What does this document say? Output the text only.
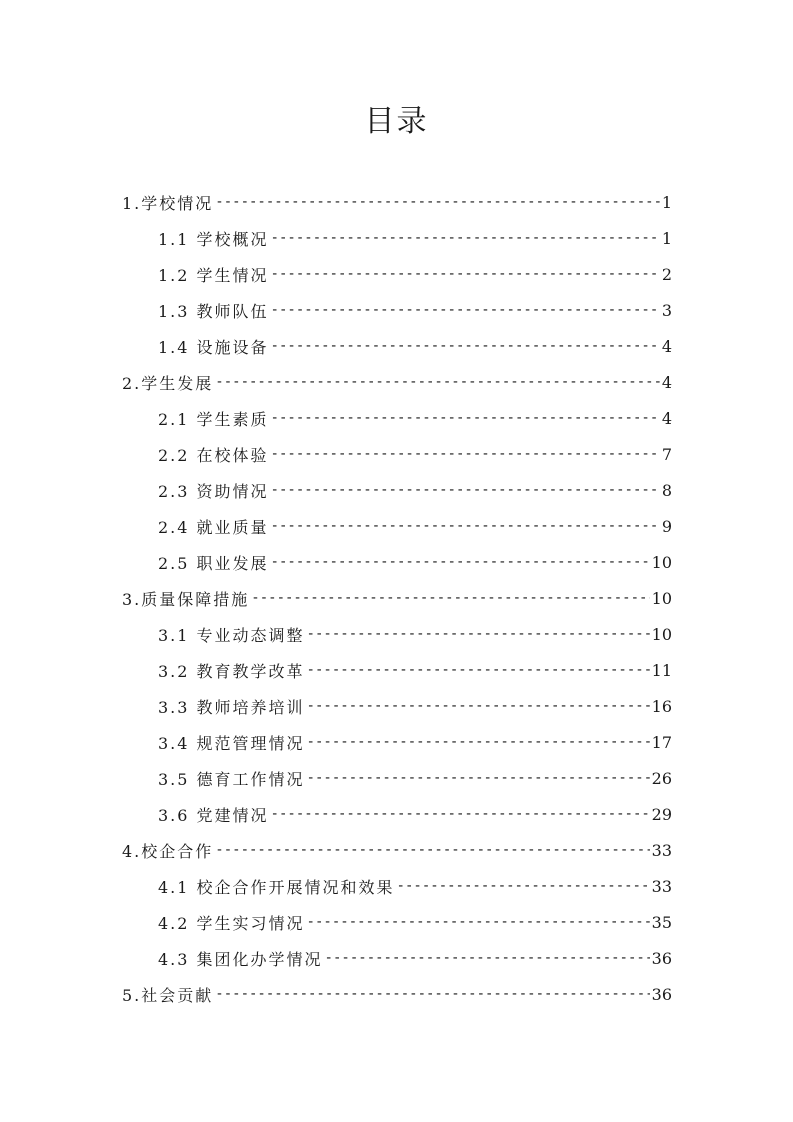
目录
1.学校情况 -----	1
1.1 学校概况 -----	1
1.2 学生情况 -----	2
1.3 教师队伍 -----	3
1.4 设施设备 -----	4
2.学生发展 -----	4
2.1 学生素质 -----	4
2.2 在校体验 -----	7
2.3 资助情况 -----	8
2.4 就业质量 -----	9
2.5 职业发展 -----	10
3.质量保障措施 -----	10
3.1 专业动态调整 -----	10
3.2 教育教学改革 -----	11
3.3 教师培养培训 -----	16
3.4 规范管理情况 -----	17
3.5 德育工作情况 -----	26
3.6 党建情况 -----	29
4.校企合作 -----	33
4.1 校企合作开展情况和效果 -----	33
4.2 学生实习情况 -----	35
4.3 集团化办学情况 -----	36
5.社会贡献 -----	36
